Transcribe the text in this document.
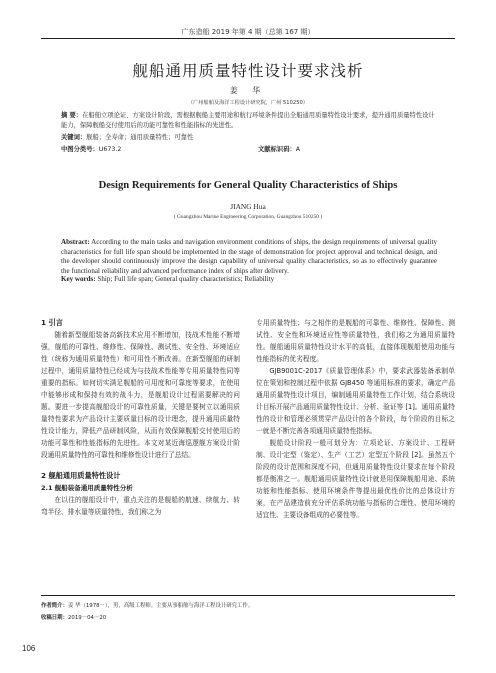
广东造船 2019 年第 4 期（总第 167 期）
舰船通用质量特性设计要求浅析
姜 华
（广州船舶及海洋工程设计研究院，广州 510250）
摘 要：在船舶立项论证、方案设计阶段，需根据舰船主要用途和航行环境条件提出全船通用质量特性设计要求，提升通用质量特性设计能力，保障舰船交付使用后的功能可靠性和性能指标的先进性。
关键词：舰船；全寿命；通用质量特性；可靠性
中图分类号：U673.2	文献标识码：A
Design Requirements for General Quality Characteristics of Ships
JIANG Hua
( Guangzhou Marine Engineering Corporation, Guangzhou 510250 )
Abstract: According to the main tasks and navigation environment conditions of ships, the design requirements of universal quality characteristics for full life span should be implemented in the stage of demonstration for project approval and technical design, and the developer should continuously improve the design capability of universal quality characteristics, so as to effectively guarantee the functional reliability and advanced performance index of ships after delivery.
Key words: Ship; Full life span; General quality characteristics; Reliability

1 引言

随着新型舰船装备高新技术应用不断增加，技战术性能不断增强，舰船的可靠性、维修性、保障性、测试性、安全性、环境适应性（统称为通用质量特性）和可用性不断改善。在新型舰船的研制过程中，通用质量特性已经成为与技战术性能等专用质量特性同等重要的指标。如何切实满足舰船的可用度和可靠度等要求，在使用中能够形成和保持有效的战斗力，是舰船设计过程需要解决的问题。要进一步提高舰船设计的可靠性质量，关键是要树立以通用质量特性要求为产品设计主要质量目标的设计理念，提升通用质量特性设计能力，降低产品研制风险，从而有效保障舰船交付使用后的功能可靠性和性能指标的先进性。本文对某近海巡逻舰方案设计阶段通用质量特性的可靠性和维修性设计进行了总结。

2 舰船通用质量特性设计

2.1 舰船装备通用质量特性分析

在以往的舰船设计中，重点关注的是舰船的航速、续航力、转弯半径、排水量等质量特性，我们称之为

专用质量特性；与之相伴的是舰船的可靠性、维修性、保障性、测试性、安全性和环境适应性等质量特性，我们称之为通用质量特性。舰船通用质量特性设计水平的高低，直接体现舰船使用功能与性能指标的优劣程度。

GJB9001C-2017《质量管理体系》中，要求武器装备承制单位在策划和控制过程中依据 GJB450 等通用标准的要求，确定产品通用质量特性设计项目，编制通用质量特性工作计划，结合系统设计目标开展产品通用质量特性设计、分析、验证等 [1]。通用质量特性的设计和管理必须贯穿产品设计的各个阶段，每个阶段的目标之一就是不断完善各项通用质量特性指标。

舰船设计阶段一般可划分为：立项论证、方案设计、工程研制、设计定型（鉴定）、生产（工艺）定型五个阶段 [2]。虽然五个阶段的设计范围和深度不同，但通用质量特性设计要求在每个阶段都是衡准之一。舰船通用质量特性设计就是用保障舰船用途、系统功能和性能指标、使用环境条件等提出最优性价比的总体设计方案，在产品建造前充分评估系统功能与指标的合理性、使用环境的适宜性、主要设备组成的必要性等。

作者简介：姜 华（1978－），男，高级工程师。主要从事船舶与海洋工程设计研究工作。
收稿日期：2019－04－20
106
